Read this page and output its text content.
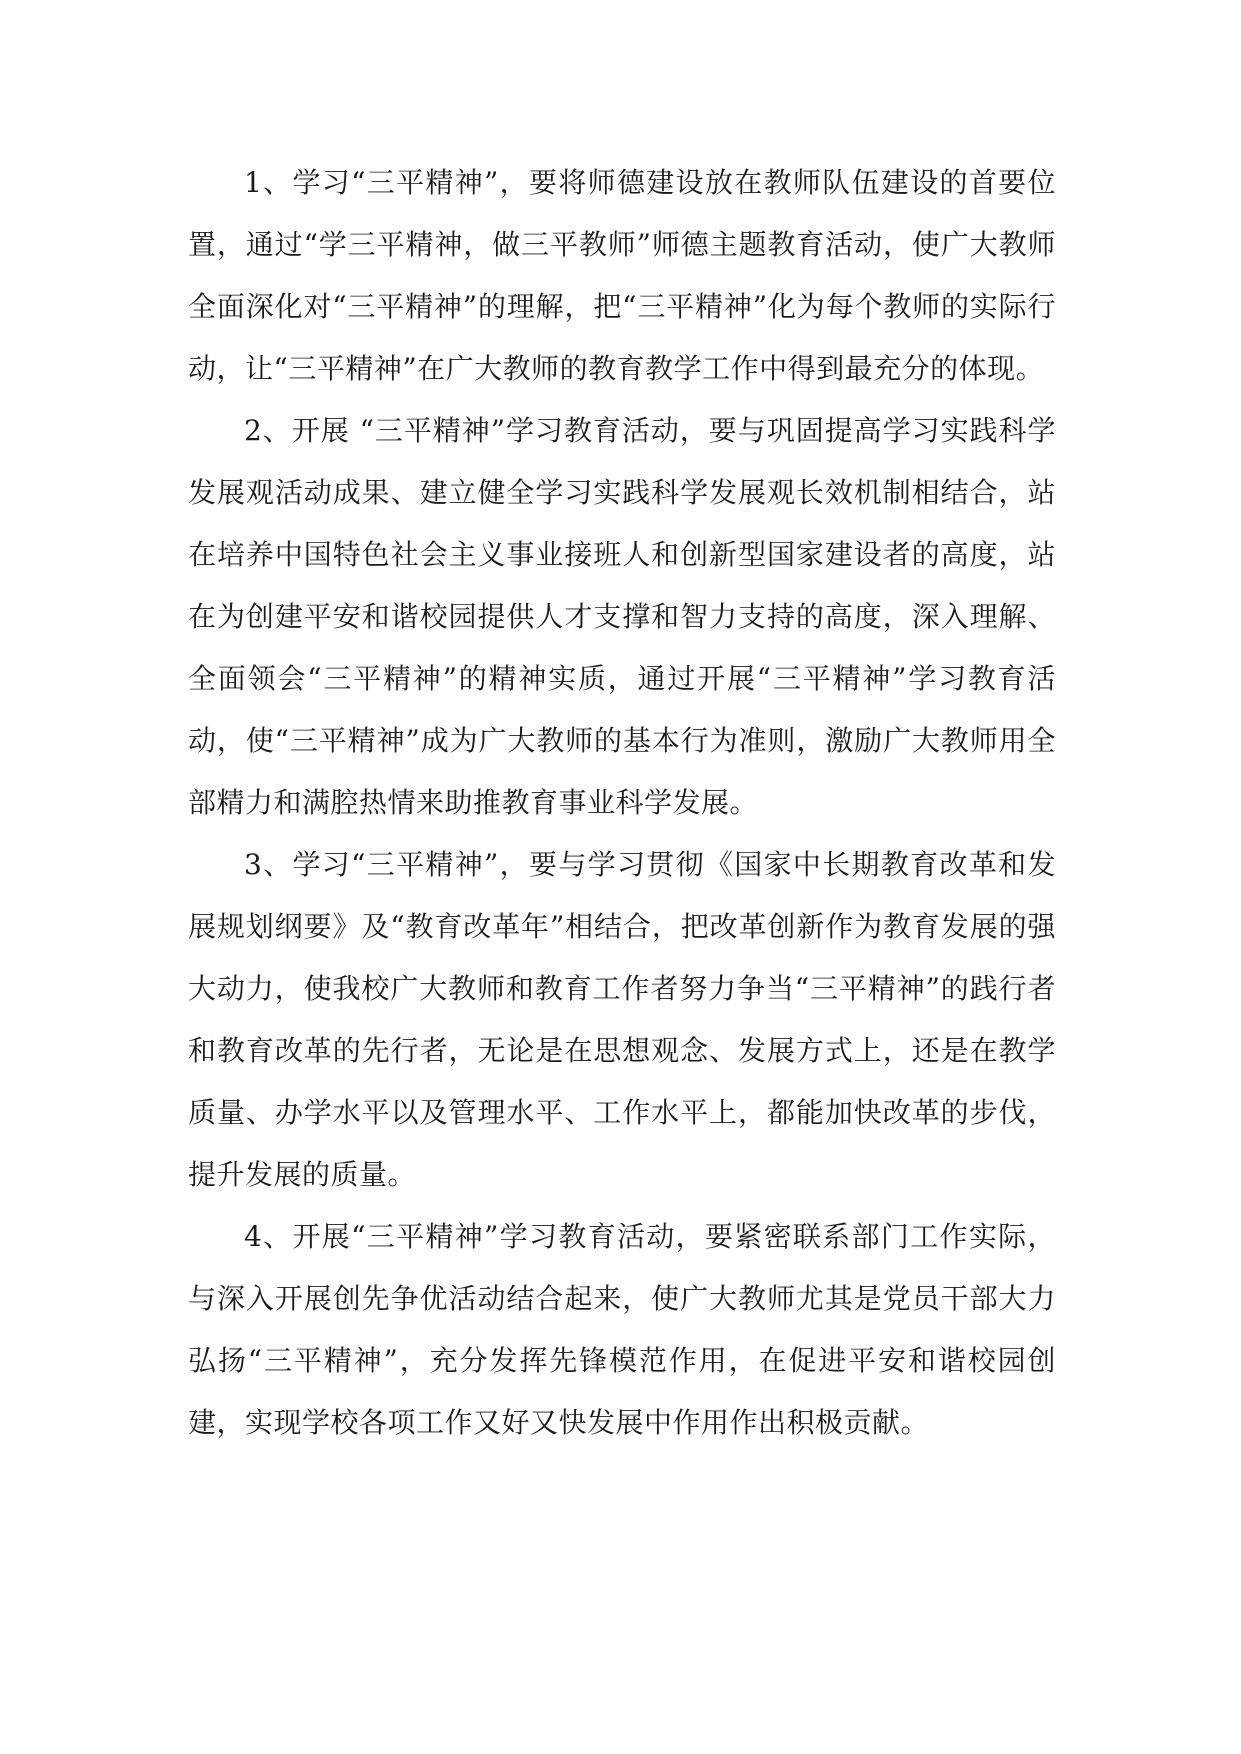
1、学习“三平精神”，要将师德建设放在教师队伍建设的首要位置，通过“学三平精神，做三平教师”师德主题教育活动，使广大教师全面深化对“三平精神”的理解，把“三平精神”化为每个教师的实际行动，让“三平精神”在广大教师的教育教学工作中得到最充分的体现。

2、开展 “三平精神”学习教育活动，要与巩固提高学习实践科学发展观活动成果、建立健全学习实践科学发展观长效机制相结合，站在培养中国特色社会主义事业接班人和创新型国家建设者的高度，站在为创建平安和谐校园提供人才支撑和智力支持的高度，深入理解、全面领会“三平精神”的精神实质，通过开展“三平精神”学习教育活动，使“三平精神”成为广大教师的基本行为准则，激励广大教师用全部精力和满腔热情来助推教育事业科学发展。

3、学习“三平精神”，要与学习贯彻《国家中长期教育改革和发展规划纲要》及“教育改革年”相结合，把改革创新作为教育发展的强大动力，使我校广大教师和教育工作者努力争当“三平精神”的践行者和教育改革的先行者，无论是在思想观念、发展方式上，还是在教学质量、办学水平以及管理水平、工作水平上，都能加快改革的步伐，提升发展的质量。

4、开展“三平精神”学习教育活动，要紧密联系部门工作实际，与深入开展创先争优活动结合起来，使广大教师尤其是党员干部大力弘扬“三平精神”，充分发挥先锋模范作用，在促进平安和谐校园创建，实现学校各项工作又好又快发展中作用作出积极贡献。
